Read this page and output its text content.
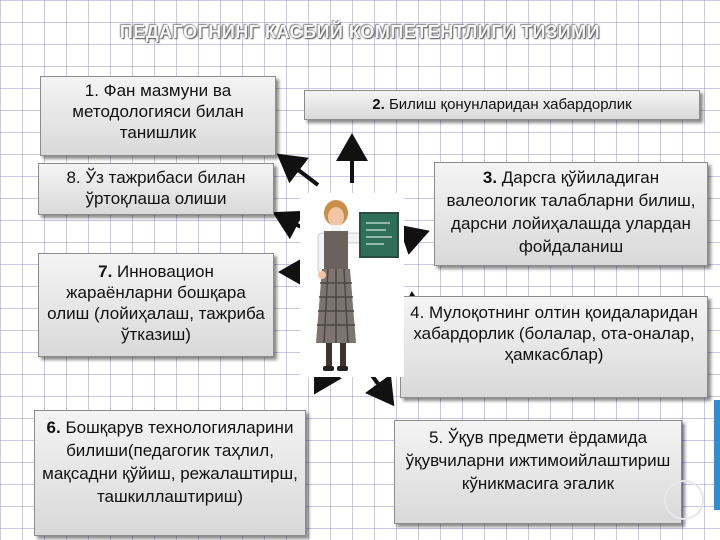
ПЕДАГОГНИНГ КАСБИЙ КОМПЕТЕНТЛИГИ ТИЗИМИ
1. Фан мазмуни ва методологияси билан танишлик
2. Билиш қонунларидан хабардорлик
8. Ўз тажрибаси билан ўртоқлаша олиши
3. Дарсга қўйиладиган валеологик талабларни билиш, дарсни лойиҳалашда улардан фойдаланиш
7. Инновацион жараёнларни бошқара олиш (лойиҳалаш, тажриба ўтказиш)
4. Мулоқотнинг олтин қоидаларидан хабардорлик (болалар, ота-оналар, ҳамкасблар)
6. Бошқарув технологияларини билиши(педагогик таҳлил, мақсадни қўйиш, режалаштирш, ташкиллаштириш)
5. Ўқув предмети ёрдамида ўқувчиларни ижтимоийлаштириш кўникмасига эгалик
